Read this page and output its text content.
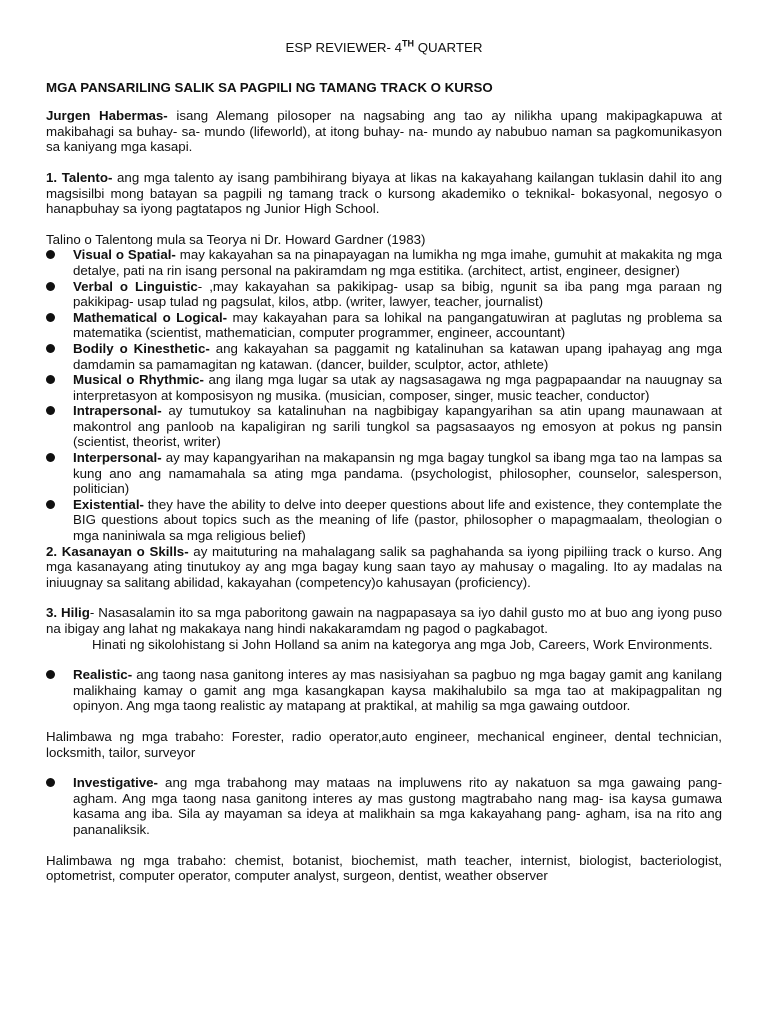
ESP REVIEWER- 4TH QUARTER
MGA PANSARILING SALIK SA PAGPILI NG TAMANG TRACK O KURSO

Jurgen Habermas- isang Alemang pilosoper na nagsabing ang tao ay nilikha upang makipagkapuwa at makibahagi sa buhay- sa- mundo (lifeworld), at itong buhay- na- mundo ay nabubuo naman sa pagkomunikasyon sa kaniyang mga kasapi.

1. Talento- ang mga talento ay isang pambihirang biyaya at likas na kakayahang kailangan tuklasin dahil ito ang magsisilbi mong batayan sa pagpili ng tamang track o kursong akademiko o teknikal- bokasyonal, negosyo o hanapbuhay sa iyong pagtatapos ng Junior High School.

Talino o Talentong mula sa Teorya ni Dr. Howard Gardner (1983)

Visual o Spatial- may kakayahan sa na pinapayagan na lumikha ng mga imahe, gumuhit at makakita ng mga detalye, pati na rin isang personal na pakiramdam ng mga estitika. (architect, artist, engineer, designer)
Verbal o Linguistic- ,may kakayahan sa pakikipag- usap sa bibig, ngunit sa iba pang mga paraan ng pakikipag- usap tulad ng pagsulat, kilos, atbp. (writer, lawyer, teacher, journalist)
Mathematical o Logical- may kakayahan para sa lohikal na pangangatuwiran at paglutas ng problema sa matematika (scientist, mathematician, computer programmer, engineer, accountant)
Bodily o Kinesthetic- ang kakayahan sa paggamit ng katalinuhan sa katawan upang ipahayag ang mga damdamin sa pamamagitan ng katawan. (dancer, builder, sculptor, actor, athlete)
Musical o Rhythmic- ang ilang mga lugar sa utak ay nagsasagawa ng mga pagpapaandar na nauugnay sa interpretasyon at komposisyon ng musika. (musician, composer, singer, music teacher, conductor)
Intrapersonal- ay tumutukoy sa katalinuhan na nagbibigay kapangyarihan sa atin upang maunawaan at makontrol ang panloob na kapaligiran ng sarili tungkol sa pagsasaayos ng emosyon at pokus ng pansin (scientist, theorist, writer)
Interpersonal- ay may kapangyarihan na makapansin ng mga bagay tungkol sa ibang mga tao na lampas sa kung ano ang namamahala sa ating mga pandama. (psychologist, philosopher, counselor, salesperson, politician)
Existential- they have the ability to delve into deeper questions about life and existence, they contemplate the BIG questions about topics such as the meaning of life (pastor, philosopher o mapagmaalam, theologian o mga naniniwala sa mga religious belief)

2. Kasanayan o Skills- ay maituturing na mahalagang salik sa paghahanda sa iyong pipiliing track o kurso. Ang mga kasanayang ating tinutukoy ay ang mga bagay kung saan tayo ay mahusay o magaling. Ito ay madalas na iniuugnay sa salitang abilidad, kakayahan (competency)o kahusayan (proficiency).

3. Hilig- Nasasalamin ito sa mga paboritong gawain na nagpapasaya sa iyo dahil gusto mo at buo ang iyong puso na ibigay ang lahat ng makakaya nang hindi nakakaramdam ng pagod o pagkabagot.

Hinati ng sikolohistang si John Holland sa anim na kategorya ang mga Job, Careers, Work Environments.

Realistic- ang taong nasa ganitong interes ay mas nasisiyahan sa pagbuo ng mga bagay gamit ang kanilang malikhaing kamay o gamit ang mga kasangkapan kaysa makihalubilo sa mga tao at makipagpalitan ng opinyon. Ang mga taong realistic ay matapang at praktikal, at mahilig sa mga gawaing outdoor.

Halimbawa ng mga trabaho: Forester, radio operator,auto engineer, mechanical engineer, dental technician, locksmith, tailor, surveyor

Investigative- ang mga trabahong may mataas na impluwens rito ay nakatuon sa mga gawaing pang- agham. Ang mga taong nasa ganitong interes ay mas gustong magtrabaho nang mag- isa kaysa gumawa kasama ang iba. Sila ay mayaman sa ideya at malikhain sa mga kakayahang pang- agham, isa na rito ang pananaliksik.

Halimbawa ng mga trabaho: chemist, botanist, biochemist, math teacher, internist, biologist, bacteriologist, optometrist, computer operator, computer analyst, surgeon, dentist, weather observer
